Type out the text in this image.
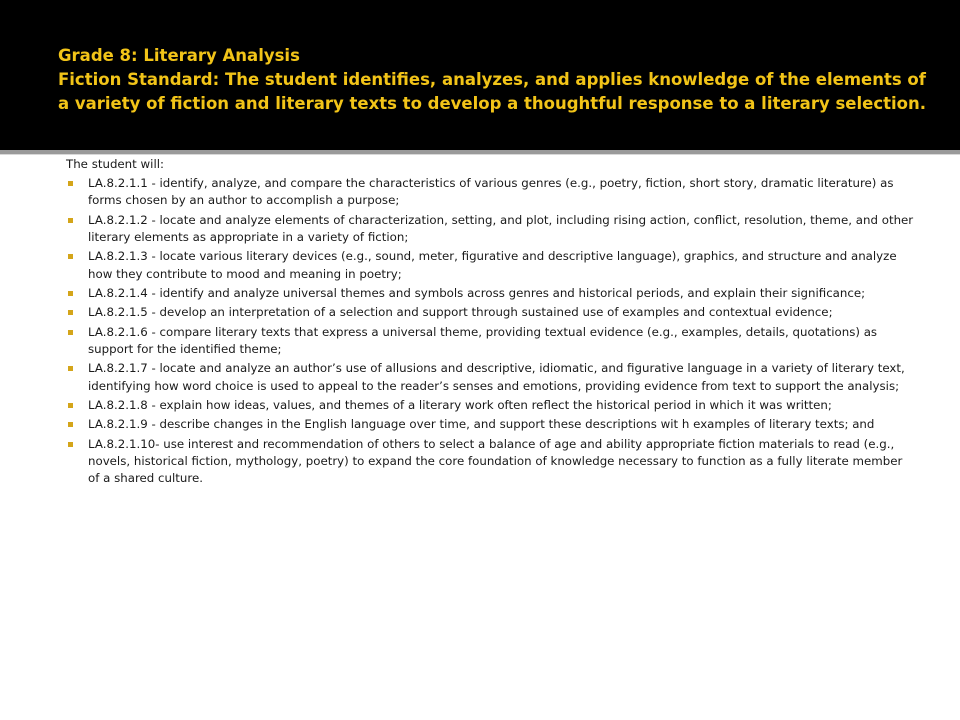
Grade 8: Literary Analysis
Fiction Standard: The student identifies, analyzes, and applies knowledge of the elements of
a variety of fiction and literary texts to develop a thoughtful response to a literary selection.
The student will:
LA.8.2.1.1 - identify, analyze, and compare the characteristics of various genres (e.g., poetry, fiction, short story, dramatic literature) as forms chosen by an author to accomplish a purpose;
LA.8.2.1.2 - locate and analyze elements of characterization, setting, and plot, including rising action, conflict, resolution, theme, and other literary elements as appropriate in a variety of fiction;
LA.8.2.1.3 - locate various literary devices (e.g., sound, meter, figurative and descriptive language), graphics, and structure and analyze how they contribute to mood and meaning in poetry;
LA.8.2.1.4 - identify and analyze universal themes and symbols across genres and historical periods, and explain their significance;
LA.8.2.1.5 - develop an interpretation of a selection and support through sustained use of examples and contextual evidence;
LA.8.2.1.6 - compare literary texts that express a universal theme, providing textual evidence (e.g., examples, details, quotations) as support for the identified theme;
LA.8.2.1.7 - locate and analyze an author’s use of allusions and descriptive, idiomatic, and figurative language in a variety of literary text, identifying how word choice is used to appeal to the reader’s senses and emotions, providing evidence from text to support the analysis;
LA.8.2.1.8 - explain how ideas, values, and themes of a literary work often reflect the historical period in which it was written;
LA.8.2.1.9 - describe changes in the English language over time, and support these descriptions wit h examples of literary texts; and
LA.8.2.1.10- use interest and recommendation of others to select a balance of age and ability appropriate fiction materials to read (e.g., novels, historical fiction, mythology, poetry) to expand the core foundation of knowledge necessary to function as a fully literate member of a shared culture.
